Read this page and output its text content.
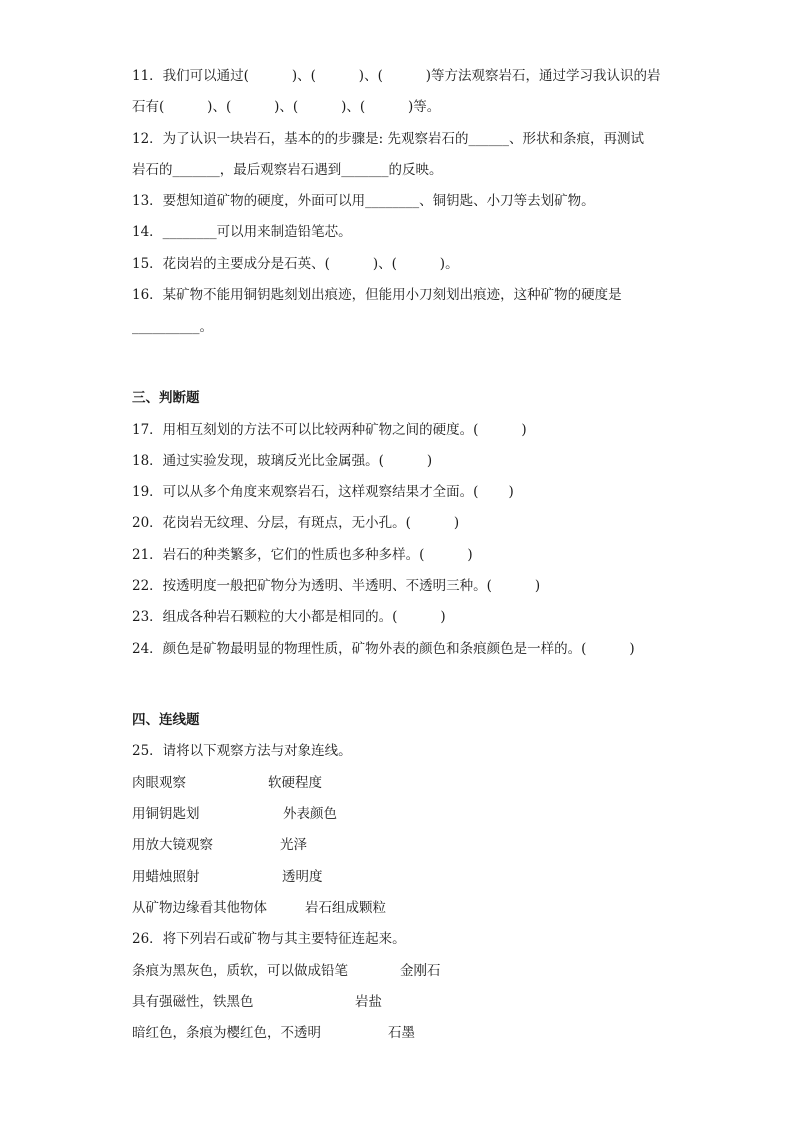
11．我们可以通过(          )、(          )、(          )等方法观察岩石，通过学习我认识的岩
石有(          )、(          )、(          )、(          )等。
12．为了认识一块岩石，基本的的步骤是: 先观察岩石的______、形状和条痕，再测试
岩石的_______，最后观察岩石遇到_______的反映。
13．要想知道矿物的硬度，外面可以用________、铜钥匙、小刀等去划矿物。
14．________可以用来制造铅笔芯。
15．花岗岩的主要成分是石英、(          )、(          )。
16．某矿物不能用铜钥匙刻划出痕迹，但能用小刀刻划出痕迹，这种矿物的硬度是
__________。
三、判断题
17．用相互刻划的方法不可以比较两种矿物之间的硬度。(          )
18．通过实验发现，玻璃反光比金属强。(          )
19．可以从多个角度来观察岩石，这样观察结果才全面。(       )
20．花岗岩无纹理、分层，有斑点，无小孔。(          )
21．岩石的种类繁多，它们的性质也多种多样。(          )
22．按透明度一般把矿物分为透明、半透明、不透明三种。(          )
23．组成各种岩石颗粒的大小都是相同的。(          )
24．颜色是矿物最明显的物理性质，矿物外表的颜色和条痕颜色是一样的。(          )
四、连线题
25．请将以下观察方法与对象连线。
肉眼观察	软硬程度
用铜钥匙划	外表颜色
用放大镜观察	光泽
用蜡烛照射	透明度
从矿物边缘看其他物体	岩石组成颗粒
26．将下列岩石或矿物与其主要特征连起来。
条痕为黑灰色，质软，可以做成铅笔	金刚石
具有强磁性，铁黑色	岩盐
暗红色，条痕为樱红色，不透明	石墨
